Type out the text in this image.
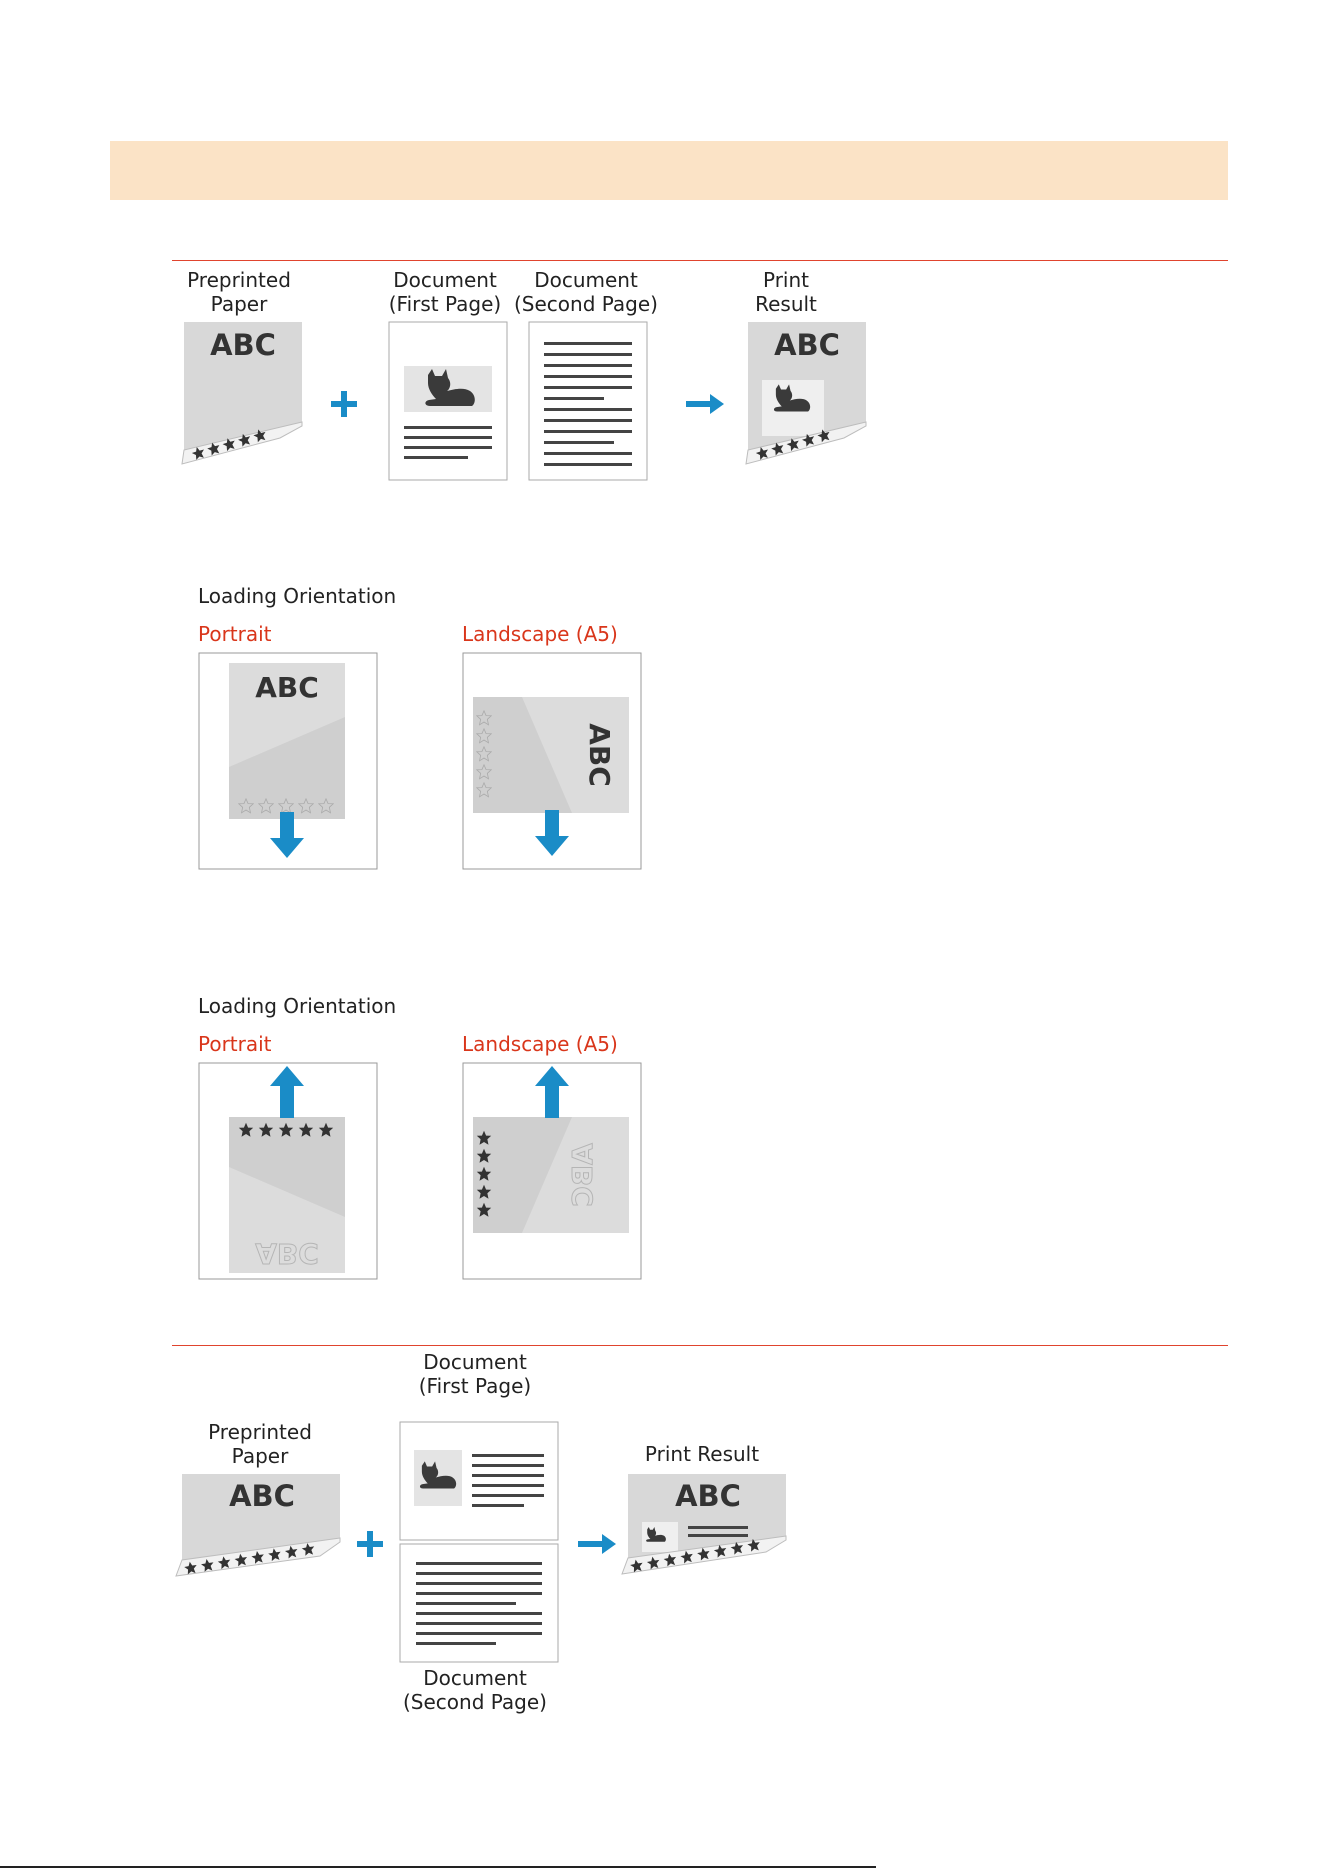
Preprinted
Paper
Document
(First Page)
Document
(Second Page)
Print
Result
ABC	ABC
Loading Orientation
Portrait	Landscape (A5)
ABC
ABC
Loading Orientation
Portrait	Landscape (A5)
ABC
ABC
Document
(First Page)
Preprinted
Paper	Print Result
Document
(Second Page)
ABC	ABC
